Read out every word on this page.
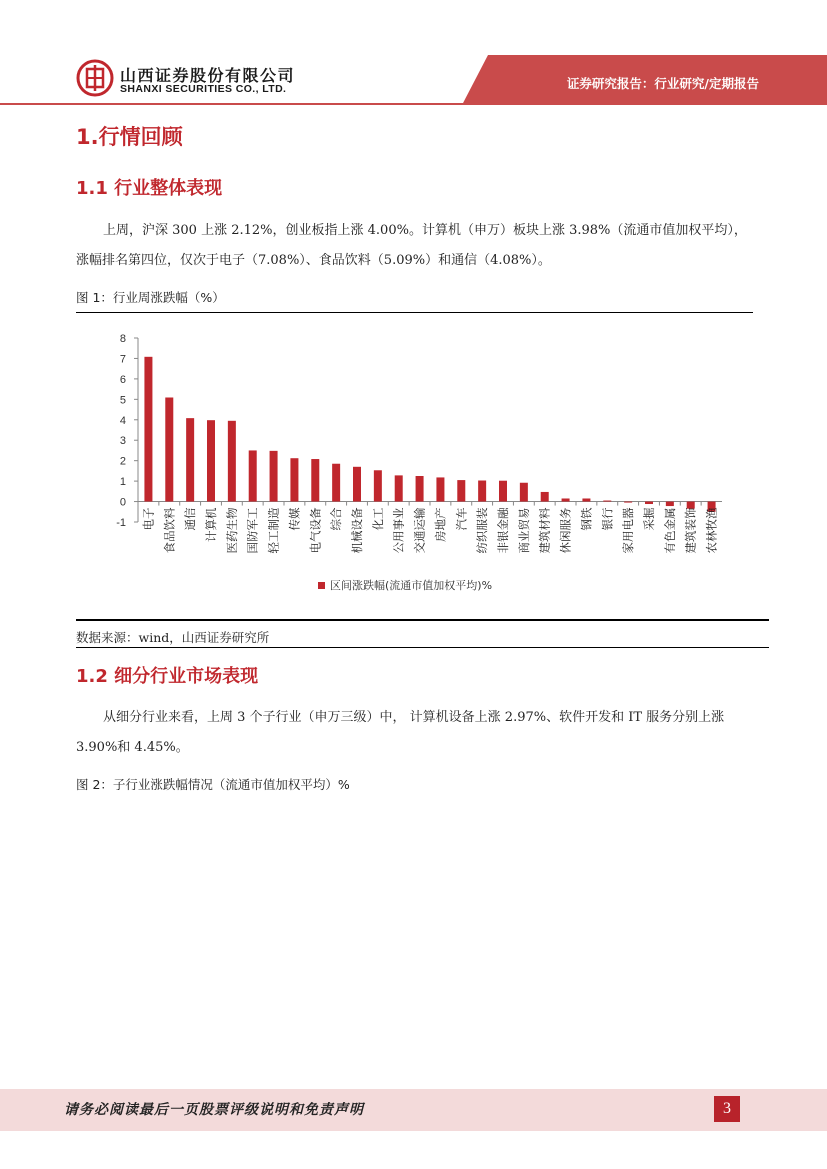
山西证券股份有限公司
SHANXI SECURITIES CO., LTD.	证券研究报告：行业研究/定期报告
1.行情回顾
1.1 行业整体表现
上周，沪深 300 上涨 2.12%，创业板指上涨 4.00%。计算机（申万）板块上涨 3.98%（流通市值加权平均），涨幅排名第四位，仅次于电子（7.08%）、食品饮料（5.09%）和通信（4.08%）。
图 1：行业周涨跌幅（%）
8
7
6
5
4
3
2
1
0
-1 电子 食品饮料 通信 计算机 医药生物 国防军工 轻工制造 传媒 电气设备 综合 机械设备 化工 公用事业 交通运输 房地产 汽车 纺织服装 非银金融 商业贸易 建筑材料 休闲服务 钢铁 银行 家用电器 采掘 有色金属 建筑装饰 农林牧渔
区间涨跌幅(流通市值加权平均)%
数据来源：wind，山西证券研究所
1.2 细分行业市场表现
从细分行业来看，上周 3 个子行业（申万三级）中， 计算机设备上涨 2.97%、软件开发和 IT 服务分别上涨 3.90%和 4.45%。
图 2：子行业涨跌幅情况（流通市值加权平均）%
请务必阅读最后一页股票评级说明和免责声明	3
